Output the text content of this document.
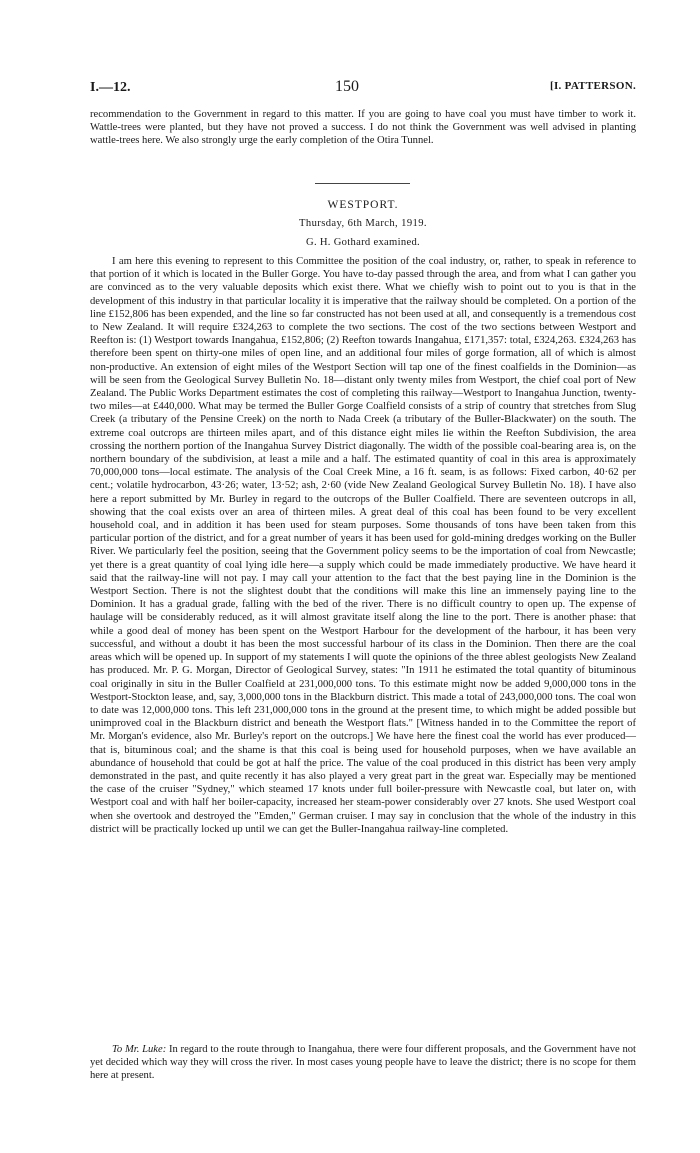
I.—12.	150	[I. PATTERSON.

recommendation to the Government in regard to this matter. If you are going to have coal you must have timber to work it. Wattle-trees were planted, but they have not proved a success. I do not think the Government was well advised in planting wattle-trees here. We also strongly urge the early completion of the Otira Tunnel.

WESTPORT.
Thursday, 6th March, 1919.
G. H. Gothard examined.

I am here this evening to represent to this Committee the position of the coal industry, or, rather, to speak in reference to that portion of it which is located in the Buller Gorge. You have to-day passed through the area, and from what I can gather you are convinced as to the very valuable deposits which exist there. What we chiefly wish to point out to you is that in the development of this industry in that particular locality it is imperative that the railway should be completed. On a portion of the line £152,806 has been expended, and the line so far constructed has not been used at all, and consequently is a tremendous cost to New Zealand. It will require £324,263 to complete the two sections. The cost of the two sections between Westport and Reefton is: (1) Westport towards Inangahua, £152,806; (2) Reefton towards Inangahua, £171,357: total, £324,263. £324,263 has therefore been spent on thirty-one miles of open line, and an additional four miles of gorge formation, all of which is almost non-productive. An extension of eight miles of the Westport Section will tap one of the finest coalfields in the Dominion—as will be seen from the Geological Survey Bulletin No. 18—distant only twenty miles from Westport, the chief coal port of New Zealand. The Public Works Department estimates the cost of completing this railway—Westport to Inangahua Junction, twenty-two miles—at £440,000. What may be termed the Buller Gorge Coalfield consists of a strip of country that stretches from Slug Creek (a tributary of the Pensine Creek) on the north to Nada Creek (a tributary of the Buller-Blackwater) on the south. The extreme coal outcrops are thirteen miles apart, and of this distance eight miles lie within the Reefton Subdivision, the area crossing the northern portion of the Inangahua Survey District diagonally. The width of the possible coal-bearing area is, on the northern boundary of the subdivision, at least a mile and a half. The estimated quantity of coal in this area is approximately 70,000,000 tons—local estimate. The analysis of the Coal Creek Mine, a 16 ft. seam, is as follows: Fixed carbon, 40·62 per cent.; volatile hydrocarbon, 43·26; water, 13·52; ash, 2·60 (vide New Zealand Geological Survey Bulletin No. 18). I have also here a report submitted by Mr. Burley in regard to the outcrops of the Buller Coalfield. There are seventeen outcrops in all, showing that the coal exists over an area of thirteen miles. A great deal of this coal has been found to be very excellent household coal, and in addition it has been used for steam purposes. Some thousands of tons have been taken from this particular portion of the district, and for a great number of years it has been used for gold-mining dredges working on the Buller River. We particularly feel the position, seeing that the Government policy seems to be the importation of coal from Newcastle; yet there is a great quantity of coal lying idle here—a supply which could be made immediately productive. We have heard it said that the railway-line will not pay. I may call your attention to the fact that the best paying line in the Dominion is the Westport Section. There is not the slightest doubt that the conditions will make this line an immensely paying line to the Dominion. It has a gradual grade, falling with the bed of the river. There is no difficult country to open up. The expense of haulage will be considerably reduced, as it will almost gravitate itself along the line to the port. There is another phase: that while a good deal of money has been spent on the Westport Harbour for the development of the harbour, it has been very successful, and without a doubt it has been the most successful harbour of its class in the Dominion. Then there are the coal areas which will be opened up. In support of my statements I will quote the opinions of the three ablest geologists New Zealand has produced. Mr. P. G. Morgan, Director of Geological Survey, states: "In 1911 he estimated the total quantity of bituminous coal originally in situ in the Buller Coalfield at 231,000,000 tons. To this estimate might now be added 9,000,000 tons in the Westport-Stockton lease, and, say, 3,000,000 tons in the Blackburn district. This made a total of 243,000,000 tons. The coal won to date was 12,000,000 tons. This left 231,000,000 tons in the ground at the present time, to which might be added possible but unimproved coal in the Blackburn district and beneath the Westport flats." [Witness handed in to the Committee the report of Mr. Morgan's evidence, also Mr. Burley's report on the outcrops.] We have here the finest coal the world has ever produced—that is, bituminous coal; and the shame is that this coal is being used for household purposes, when we have available an abundance of household that could be got at half the price. The value of the coal produced in this district has been very amply demonstrated in the past, and quite recently it has also played a very great part in the great war. Especially may be mentioned the case of the cruiser "Sydney," which steamed 17 knots under full boiler-pressure with Newcastle coal, but later on, with Westport coal and with half her boiler-capacity, increased her steam-power considerably over 27 knots. She used Westport coal when she overtook and destroyed the "Emden," German cruiser. I may say in conclusion that the whole of the industry in this district will be practically locked up until we can get the Buller-Inangahua railway-line completed.

To Mr. Luke: In regard to the route through to Inangahua, there were four different proposals, and the Government have not yet decided which way they will cross the river. In most cases young people have to leave the district; there is no scope for them here at present.
